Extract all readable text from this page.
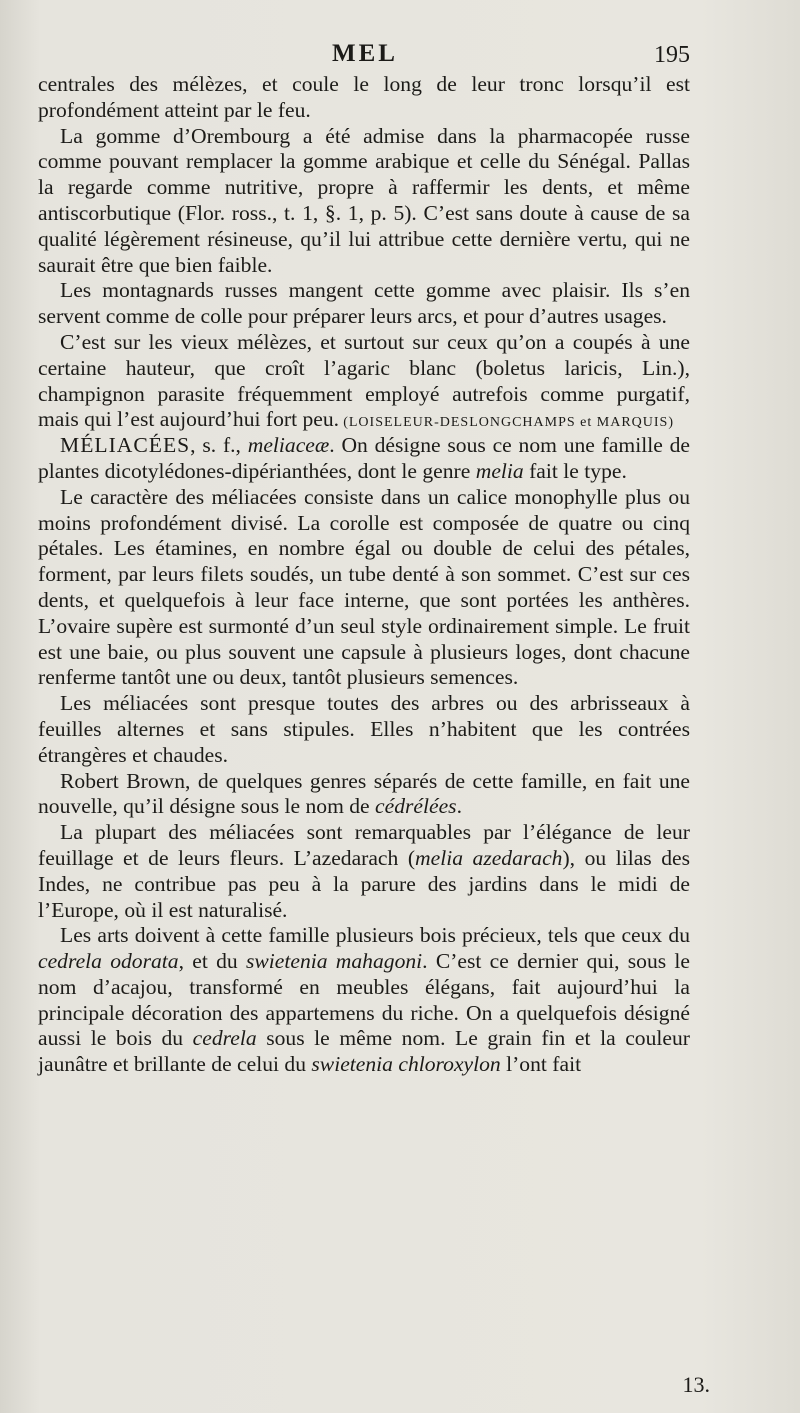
MEL	195

centrales des mélèzes, et coule le long de leur tronc lorsqu’il est profondément atteint par le feu.

La gomme d’Orembourg a été admise dans la pharmacopée russe comme pouvant remplacer la gomme arabique et celle du Sénégal. Pallas la regarde comme nutritive, propre à raffermir les dents, et même antiscorbutique (Flor. ross., t. 1, §. 1, p. 5). C’est sans doute à cause de sa qualité légèrement résineuse, qu’il lui attribue cette dernière vertu, qui ne saurait être que bien faible.

Les montagnards russes mangent cette gomme avec plaisir. Ils s’en servent comme de colle pour préparer leurs arcs, et pour d’autres usages.

C’est sur les vieux mélèzes, et surtout sur ceux qu’on a coupés à une certaine hauteur, que croît l’agaric blanc (boletus laricis, Lin.), champignon parasite fréquemment employé autrefois comme purgatif, mais qui l’est aujourd’hui fort peu. (LOISELEUR-DESLONGCHAMPS et MARQUIS)

MÉLIACÉES, s. f., meliaceæ. On désigne sous ce nom une famille de plantes dicotylédones-dipérianthées, dont le genre melia fait le type.

Le caractère des méliacées consiste dans un calice monophylle plus ou moins profondément divisé. La corolle est composée de quatre ou cinq pétales. Les étamines, en nombre égal ou double de celui des pétales, forment, par leurs filets soudés, un tube denté à son sommet. C’est sur ces dents, et quelquefois à leur face interne, que sont portées les anthères. L’ovaire supère est surmonté d’un seul style ordinairement simple. Le fruit est une baie, ou plus souvent une capsule à plusieurs loges, dont chacune renferme tantôt une ou deux, tantôt plusieurs semences.

Les méliacées sont presque toutes des arbres ou des arbrisseaux à feuilles alternes et sans stipules. Elles n’habitent que les contrées étrangères et chaudes.

Robert Brown, de quelques genres séparés de cette famille, en fait une nouvelle, qu’il désigne sous le nom de cédrélées.

La plupart des méliacées sont remarquables par l’élégance de leur feuillage et de leurs fleurs. L’azedarach (melia azedarach), ou lilas des Indes, ne contribue pas peu à la parure des jardins dans le midi de l’Europe, où il est naturalisé.

Les arts doivent à cette famille plusieurs bois précieux, tels que ceux du cedrela odorata, et du swietenia mahagoni. C’est ce dernier qui, sous le nom d’acajou, transformé en meubles élégans, fait aujourd’hui la principale décoration des appartemens du riche. On a quelquefois désigné aussi le bois du cedrela sous le même nom. Le grain fin et la couleur jaunâtre et brillante de celui du swietenia chloroxylon l’ont fait

13.
